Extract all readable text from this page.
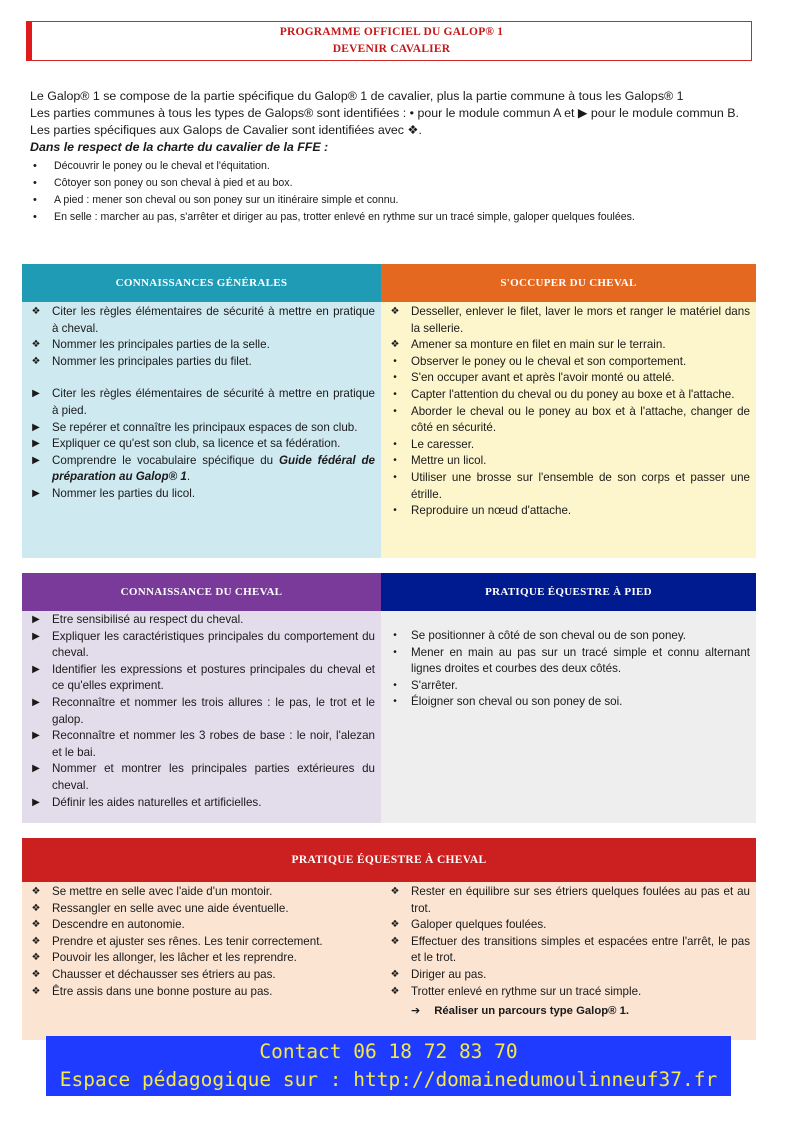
PROGRAMME OFFICIEL DU GALOP® 1
DEVENIR CAVALIER

Le Galop® 1 se compose de la partie spécifique du Galop® 1 de cavalier, plus la partie commune à tous les Galops® 1

Les parties communes à tous les types de Galops® sont identifiées : • pour le module commun A et ▶ pour le module commun B.

Les parties spécifiques aux Galops de Cavalier sont identifiées avec ❖.

Dans le respect de la charte du cavalier de la FFE :

• Découvrir le poney ou le cheval et l'équitation.
• Côtoyer son poney ou son cheval à pied et au box.
• A pied : mener son cheval ou son poney sur un itinéraire simple et connu.
• En selle : marcher au pas, s'arrêter et diriger au pas, trotter enlevé en rythme sur un tracé simple, galoper quelques foulées.
CONNAISSANCES GÉNÉRALES
❖ Citer les règles élémentaires de sécurité à mettre en pratique à cheval.
❖ Nommer les principales parties de la selle.
❖ Nommer les principales parties du filet.
▶ Citer les règles élémentaires de sécurité à mettre en pratique à pied.
▶ Se repérer et connaître les principaux espaces de son club.
▶ Expliquer ce qu'est son club, sa licence et sa fédération.
▶ Comprendre le vocabulaire spécifique du Guide fédéral de préparation au Galop® 1.
▶ Nommer les parties du licol.
S'OCCUPER DU CHEVAL
❖ Desseller, enlever le filet, laver le mors et ranger le matériel dans la sellerie.
❖ Amener sa monture en filet en main sur le terrain.
•	Observer le poney ou le cheval et son comportement.
•	S'en occuper avant et après l'avoir monté ou attelé.
•	Capter l'attention du cheval ou du poney au boxe et à l'attache.
•	Aborder le cheval ou le poney au box et à l'attache, changer de côté en sécurité.
•	Le caresser.
•	Mettre un licol.
•	Utiliser une brosse sur l'ensemble de son corps et passer une étrille.
•	Reproduire un nœud d'attache.
CONNAISSANCE DU CHEVAL
▶ Etre sensibilisé au respect du cheval.
▶ Expliquer les caractéristiques principales du comportement du cheval.
▶ Identifier les expressions et postures principales du cheval et ce qu'elles expriment.
▶ Reconnaître et nommer les trois allures : le pas, le trot et le galop.
▶ Reconnaître et nommer les 3 robes de base : le noir, l'alezan et le bai.
▶ Nommer et montrer les principales parties extérieures du cheval.
▶ Définir les aides naturelles et artificielles.
PRATIQUE ÉQUESTRE À PIED
•	Se positionner à côté de son cheval ou de son poney.
•	Mener en main au pas sur un tracé simple et connu alternant lignes droites et courbes des deux côtés.
•	S'arrêter.
•	Éloigner son cheval ou son poney de soi.
PRATIQUE ÉQUESTRE À CHEVAL
❖ Se mettre en selle avec l'aide d'un montoir.
❖ Ressangler en selle avec une aide éventuelle.
❖ Descendre en autonomie.
❖ Prendre et ajuster ses rênes. Les tenir correctement.
❖ Pouvoir les allonger, les lâcher et les reprendre.
❖ Chausser et déchausser ses étriers au pas.
❖ Être assis dans une bonne posture au pas.
❖ Rester en équilibre sur ses étriers quelques foulées au pas et au trot.
❖ Galoper quelques foulées.
❖ Effectuer des transitions simples et espacées entre l'arrêt, le pas et le trot.
❖ Diriger au pas.
❖ Trotter enlevé en rythme sur un tracé simple.
➔ Réaliser un parcours type Galop® 1.
Contact 06 18 72 83 70
Espace pédagogique sur : http://domainedumoulinneuf37.fr
